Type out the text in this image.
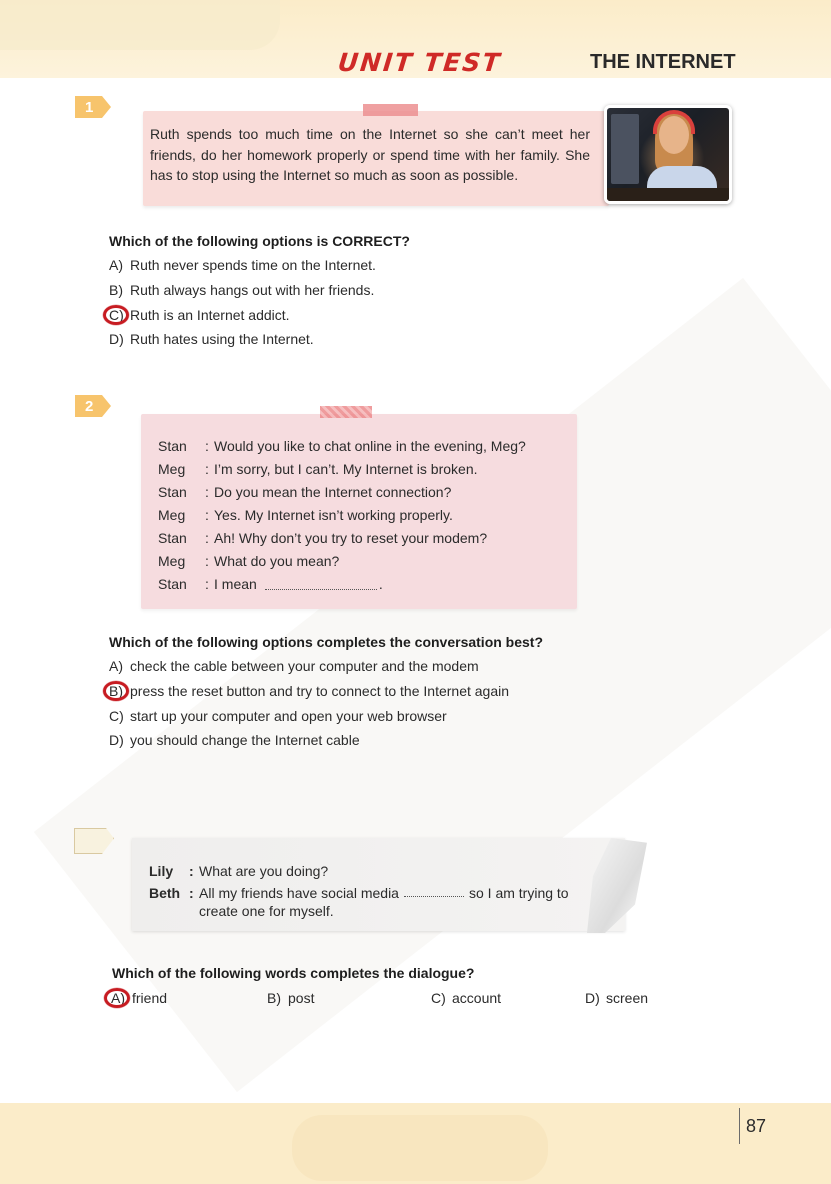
UNIT TEST	THE INTERNET
1

Ruth spends too much time on the Internet so she can’t meet her friends, do her homework properly or spend time with her family. She has to stop using the Internet so much as soon as possible.

Which of the following options is CORRECT?
A) Ruth never spends time on the Internet.
B) Ruth always hangs out with her friends.
C) Ruth is an Internet addict.
D) Ruth hates using the Internet.
2
Stan	: Would you like to chat online in the evening, Meg?
Meg	: I’m sorry, but I can’t. My Internet is broken.
Stan	: Do you mean the Internet connection?
Meg	: Yes. My Internet isn’t working properly.
Stan	: Ah! Why don’t you try to reset your modem?
Meg	: What do you mean?
Stan	: I mean	.
Which of the following options completes the conversation best?
A) check the cable between your computer and the modem
B) press the reset button and try to connect to the Internet again
C) start up your computer and open your web browser
D) you should change the Internet cable
Lily	: What are you doing?
Beth : All my friends have social media	so I am trying to
create one for myself.
Which of the following words completes the dialogue?
A) friend	B) post	C) account	D) screen
87
